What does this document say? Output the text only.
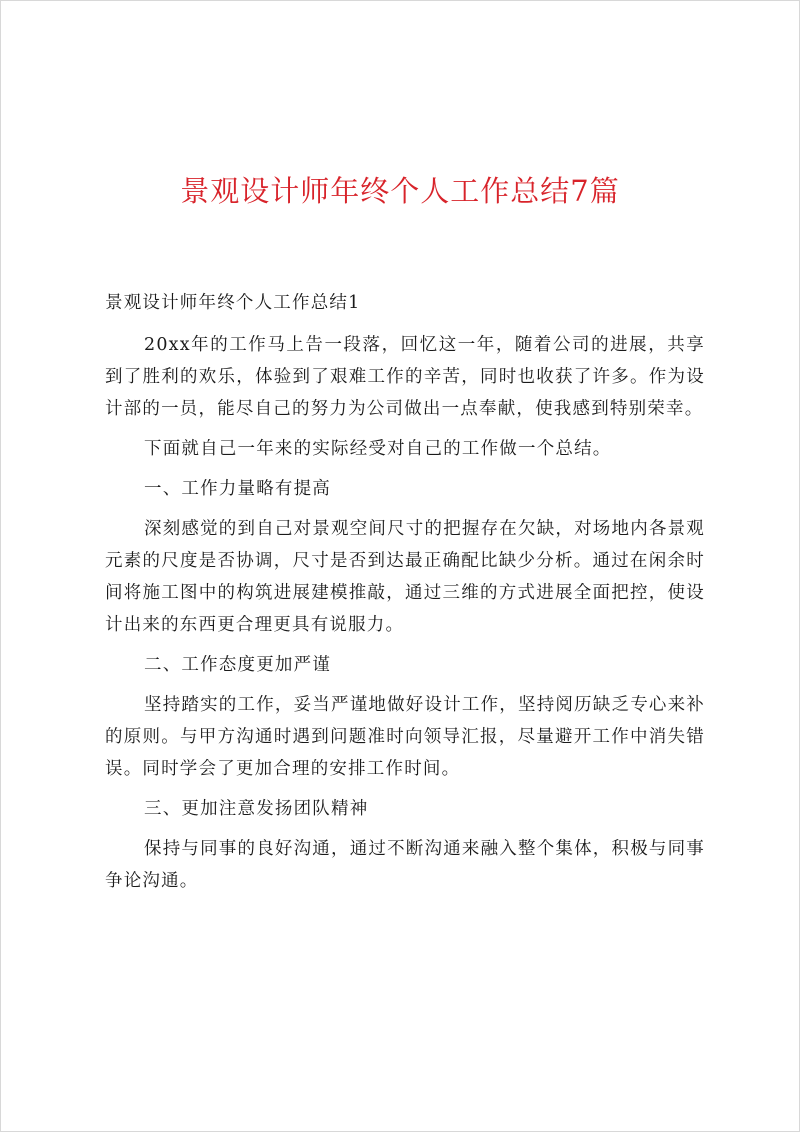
景观设计师年终个人工作总结7篇

景观设计师年终个人工作总结1

20xx年的工作马上告一段落，回忆这一年，随着公司的进展，共享到了胜利的欢乐，体验到了艰难工作的辛苦，同时也收获了许多。作为设计部的一员，能尽自己的努力为公司做出一点奉献，使我感到特别荣幸。

下面就自己一年来的实际经受对自己的工作做一个总结。

一、工作力量略有提高

深刻感觉的到自己对景观空间尺寸的把握存在欠缺，对场地内各景观元素的尺度是否协调，尺寸是否到达最正确配比缺少分析。通过在闲余时间将施工图中的构筑进展建模推敲，通过三维的方式进展全面把控，使设计出来的东西更合理更具有说服力。

二、工作态度更加严谨

坚持踏实的工作，妥当严谨地做好设计工作，坚持阅历缺乏专心来补的原则。与甲方沟通时遇到问题准时向领导汇报，尽量避开工作中消失错误。同时学会了更加合理的安排工作时间。

三、更加注意发扬团队精神

保持与同事的良好沟通，通过不断沟通来融入整个集体，积极与同事争论沟通。
